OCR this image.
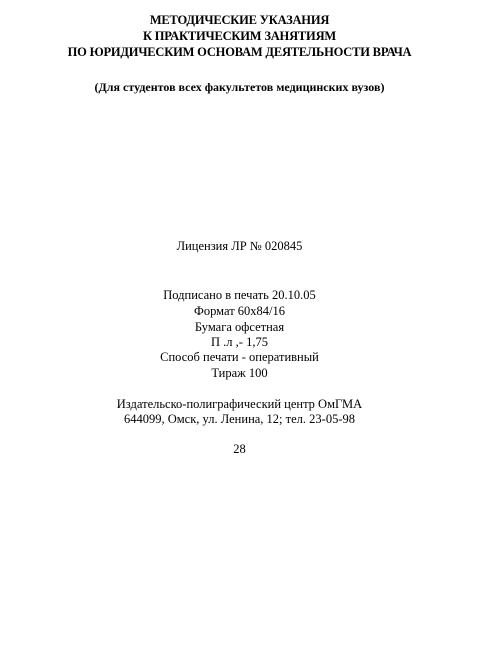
МЕТОДИЧЕСКИЕ УКАЗАНИЯ
К ПРАКТИЧЕСКИМ ЗАНЯТИЯМ
ПО ЮРИДИЧЕСКИМ ОСНОВАМ ДЕЯТЕЛЬНОСТИ ВРАЧА
(Для студентов всех факультетов медицинских вузов)
Лицензия ЛР № 020845
Подписано в печать 20.10.05
Формат 60x84/16
Бумага офсетная
П .л ,- 1,75
Способ печати - оперативный
Тираж 100
Издательско-полиграфический центр ОмГМА
644099, Омск, ул. Ленина, 12; тел. 23-05-98
28
